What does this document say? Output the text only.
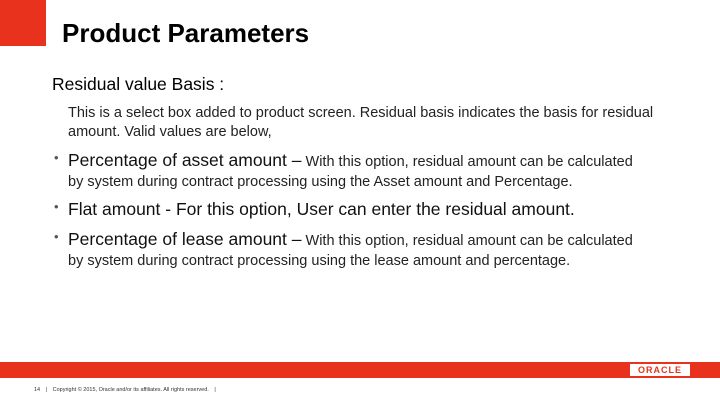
Product Parameters
Residual value Basis :
This is a select box added to product screen. Residual basis indicates the basis for residual amount. Valid values are below,
• Percentage of asset amount – With this option, residual amount can be calculated
by system during contract processing using the Asset amount and Percentage.
• Flat amount - For this option, User can enter the residual amount.
• Percentage of lease amount – With this option, residual amount can be calculated
by system during contract processing using the lease amount and percentage.
ORACLE
14 | Copyright © 2015, Oracle and/or its affiliates. All rights reserved. |
